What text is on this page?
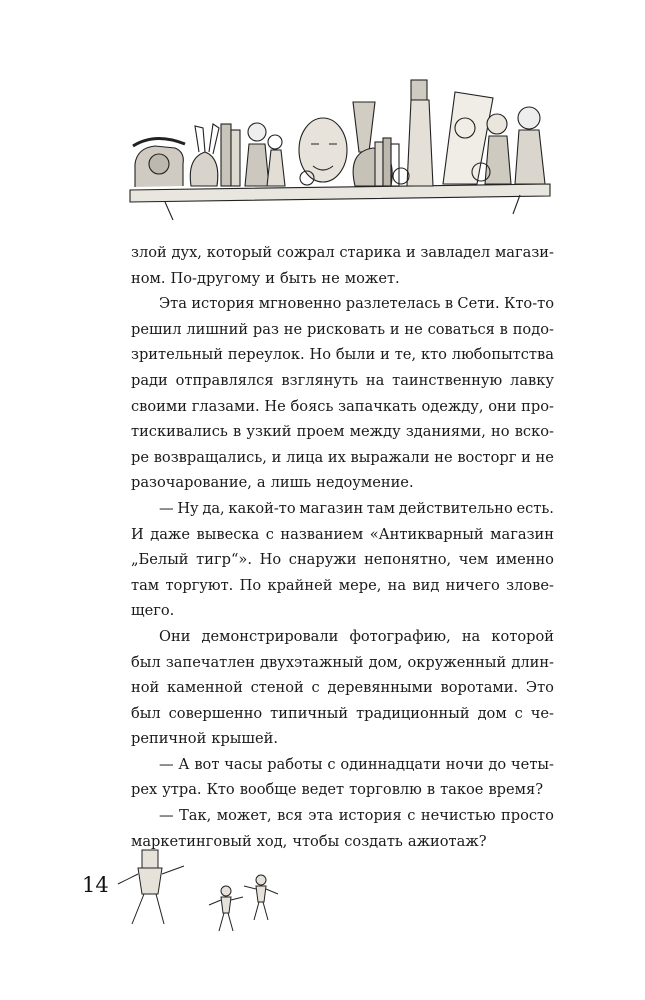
злой дух, который сожрал старика и завладел магази-
ном. По-другому и быть не может.
Эта история мгновенно разлетелась в Сети. Кто-то
решил лишний раз не рисковать и не соваться в подо-
зрительный переулок. Но были и те, кто любопытства
ради отправлялся взглянуть на таинственную лавку
своими глазами. Не боясь запачкать одежду, они про-
тискивались в узкий проем между зданиями, но вско-
ре возвращались, и лица их выражали не восторг и не
разочарование, а лишь недоумение.
— Ну да, какой-то магазин там действительно есть.
И даже вывеска с названием «Антикварный магазин
„Белый тигр“». Но снаружи непонятно, чем именно
там торгуют. По крайней мере, на вид ничего злове-
щего.
Они демонстрировали фотографию, на которой
был запечатлен двухэтажный дом, окруженный длин-
ной каменной стеной с деревянными воротами. Это
был совершенно типичный традиционный дом с че-
репичной крышей.
— А вот часы работы с одиннадцати ночи до четы-
рех утра. Кто вообще ведет торговлю в такое время?
— Так, может, вся эта история с нечистью просто
маркетинговый ход, чтобы создать ажиотаж?
14
